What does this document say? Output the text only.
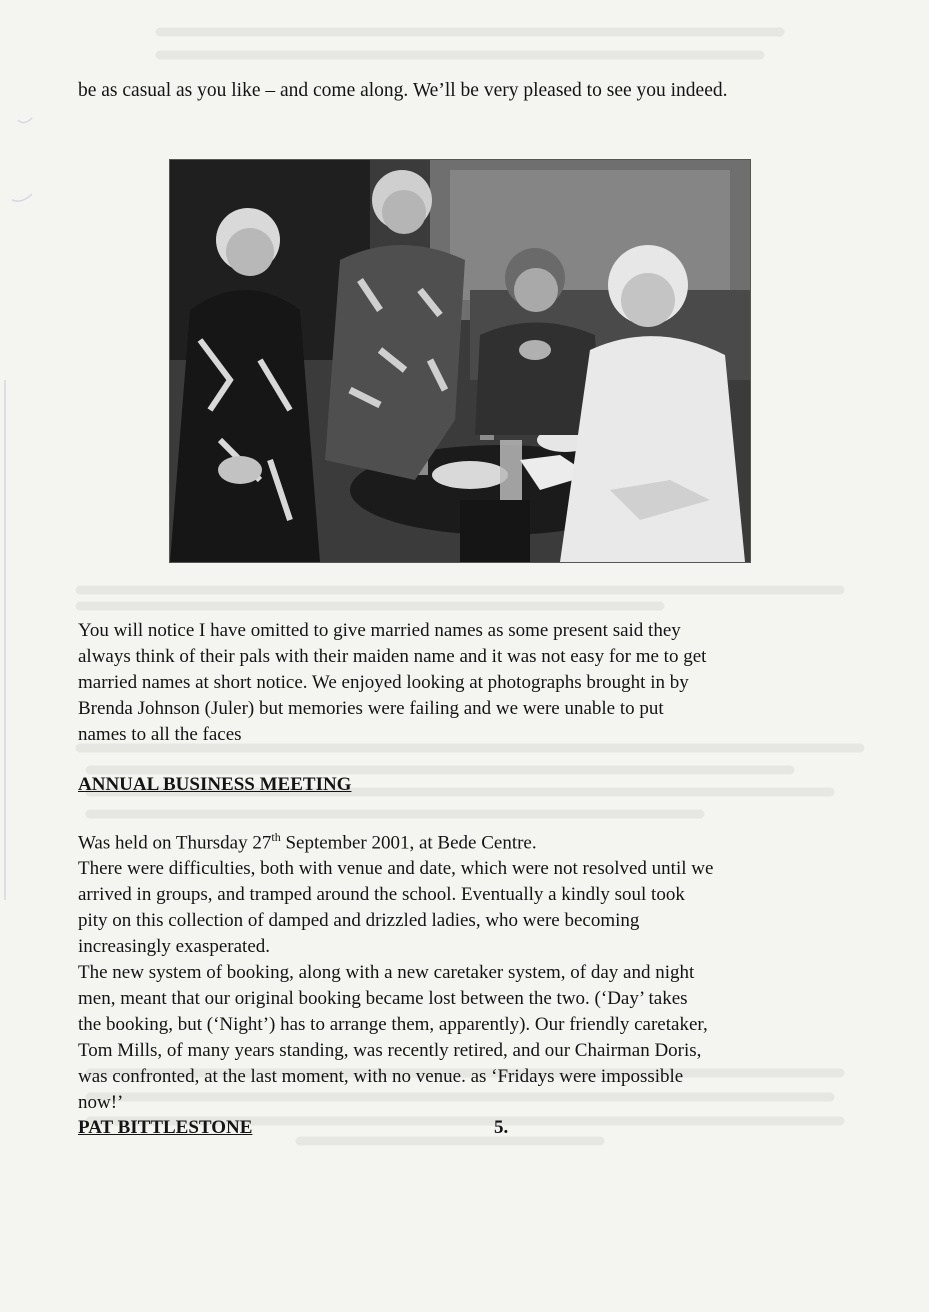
be as casual as you like – and come along. We’ll be very pleased to see you indeed.
You will notice I have omitted to give married names as some present said they
always think of their pals with their maiden name and it was not easy for me to get
married names at short notice. We enjoyed looking at photographs brought in by
Brenda Johnson (Juler) but memories were failing and we were unable to put
names to all the faces
ANNUAL BUSINESS MEETING
Was held on Thursday 27th September 2001, at Bede Centre.
There were difficulties, both with venue and date, which were not resolved until we
arrived in groups, and tramped around the school. Eventually a kindly soul took
pity on this collection of damped and drizzled ladies, who were becoming
increasingly exasperated.
The new system of booking, along with a new caretaker system, of day and night
men, meant that our original booking became lost between the two. (‘Day’ takes
the booking, but (‘Night’) has to arrange them, apparently). Our friendly caretaker,
Tom Mills, of many years standing, was recently retired, and our Chairman Doris,
was confronted, at the last moment, with no venue. as ‘Fridays were impossible
now!’
PAT BITTLESTONE	5.
